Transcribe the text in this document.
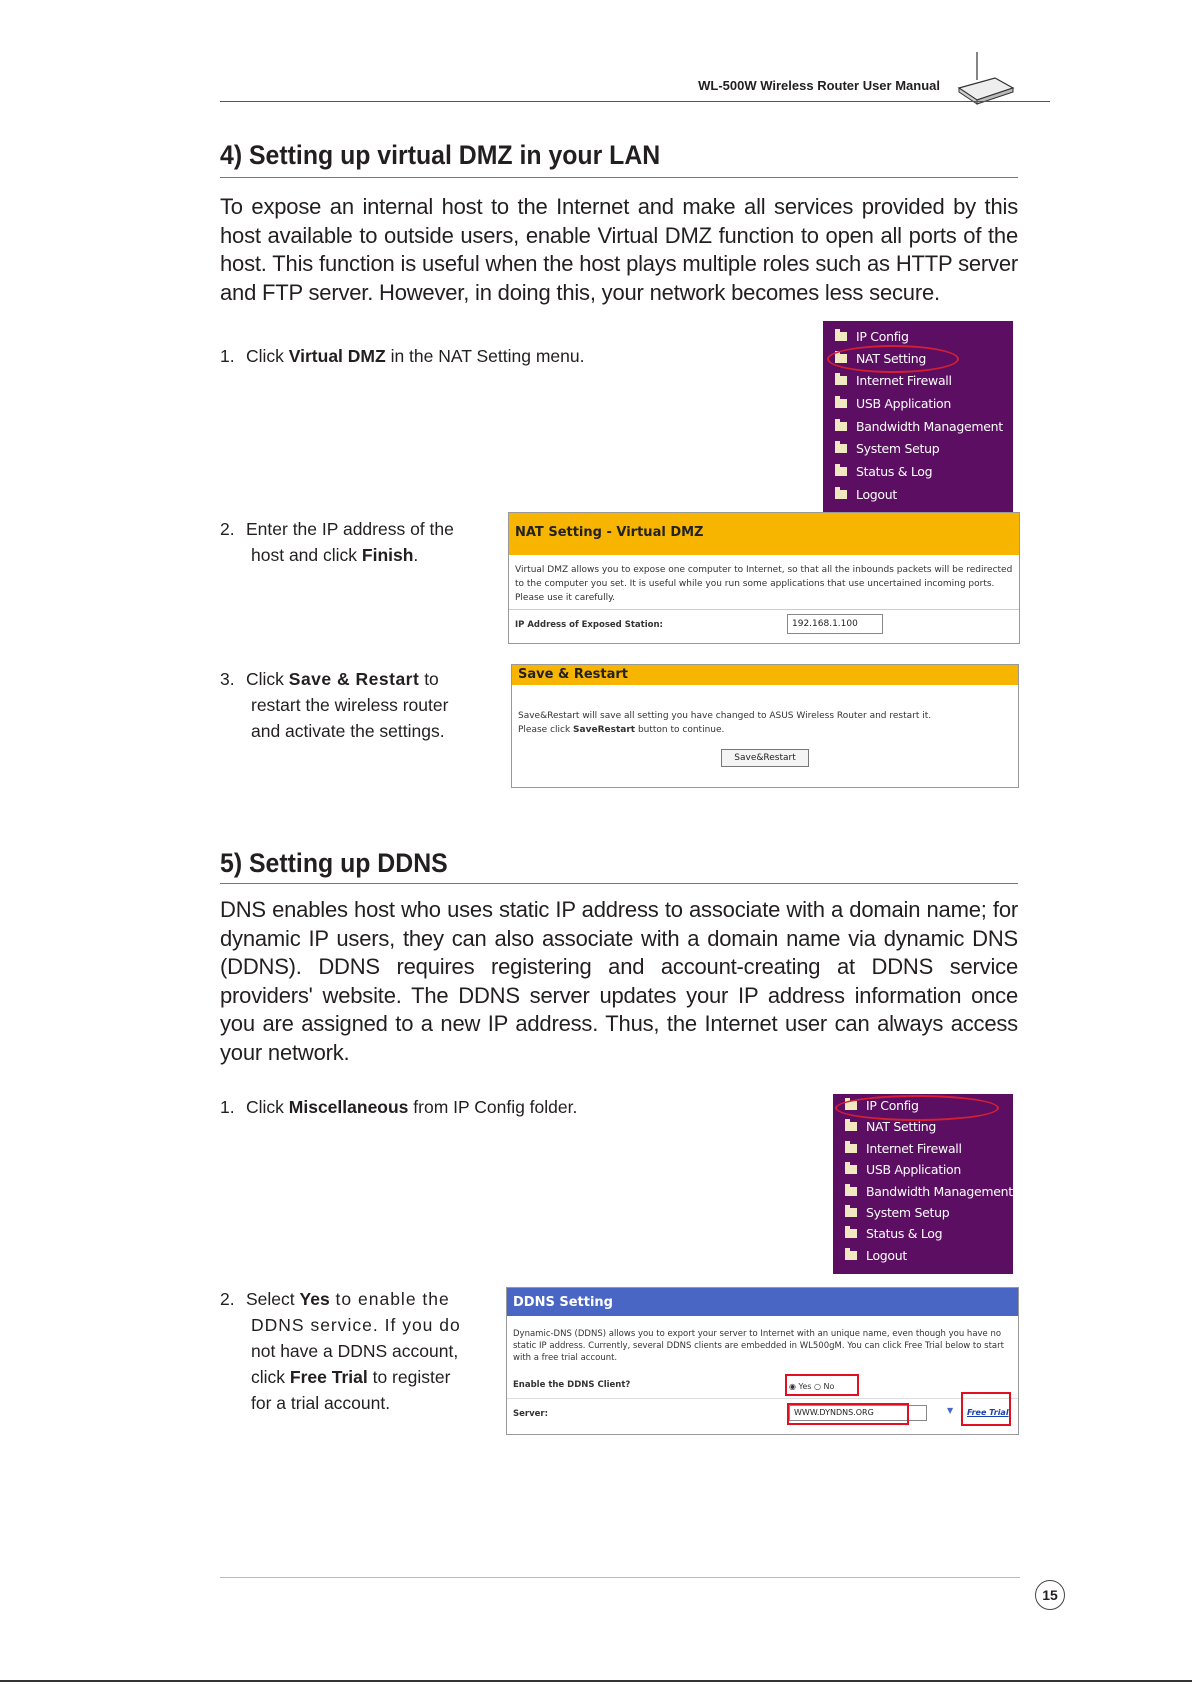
WL-500W Wireless Router User Manual
4) Setting up virtual DMZ in your LAN
To expose an internal host to the Internet and make all services provided by this host available to outside users, enable Virtual DMZ function to open all ports of the host. This function is useful when the host plays multiple roles such as HTTP server and FTP server. However, in doing this, your network becomes less secure.
1. Click Virtual DMZ in the NAT Setting menu.
IP Config
NAT Setting
Internet Firewall
USB Application
Bandwidth Management
System Setup
Status & Log
Logout
2. Enter the IP address of the
host and click Finish.
NAT Setting - Virtual DMZ
Virtual DMZ allows you to expose one computer to Internet, so that all the inbounds packets will be redirected to the computer you set. It is useful while you run some applications that use uncertained incoming ports. Please use it carefully.
IP Address of Exposed Station:	192.168.1.100
3. Click Save & Restart to
restart the wireless router
and activate the settings.
Save & Restart
Save&Restart will save all setting you have changed to ASUS Wireless Router and restart it.
Please click SaveRestart button to continue.
Save&Restart
5) Setting up DDNS
DNS enables host who uses static IP address to associate with a domain name; for dynamic IP users, they can also associate with a domain name via dynamic DNS (DDNS). DDNS requires registering and account-creating at DDNS service providers' website. The DDNS server updates your IP address information once you are assigned to a new IP address. Thus, the Internet user can always access your network.
1. Click Miscellaneous from IP Config folder.	IP Config
NAT Setting
Internet Firewall
USB Application
Bandwidth Management
System Setup
Status & Log
Logout
2. Select Yes to enable the
DDNS service. If you do
not have a DDNS account,
click Free Trial to register
for a trial account.
DDNS Setting
Dynamic-DNS (DDNS) allows you to export your server to Internet with an unique name, even though you have no static IP address. Currently, several DDNS clients are embedded in WL500gM. You can click Free Trial below to start with a free trial account.
Enable the DDNS Client?	◉ Yes ○ No
Server:	WWW.DYNDNS.ORG	▼ Free Trial
15
